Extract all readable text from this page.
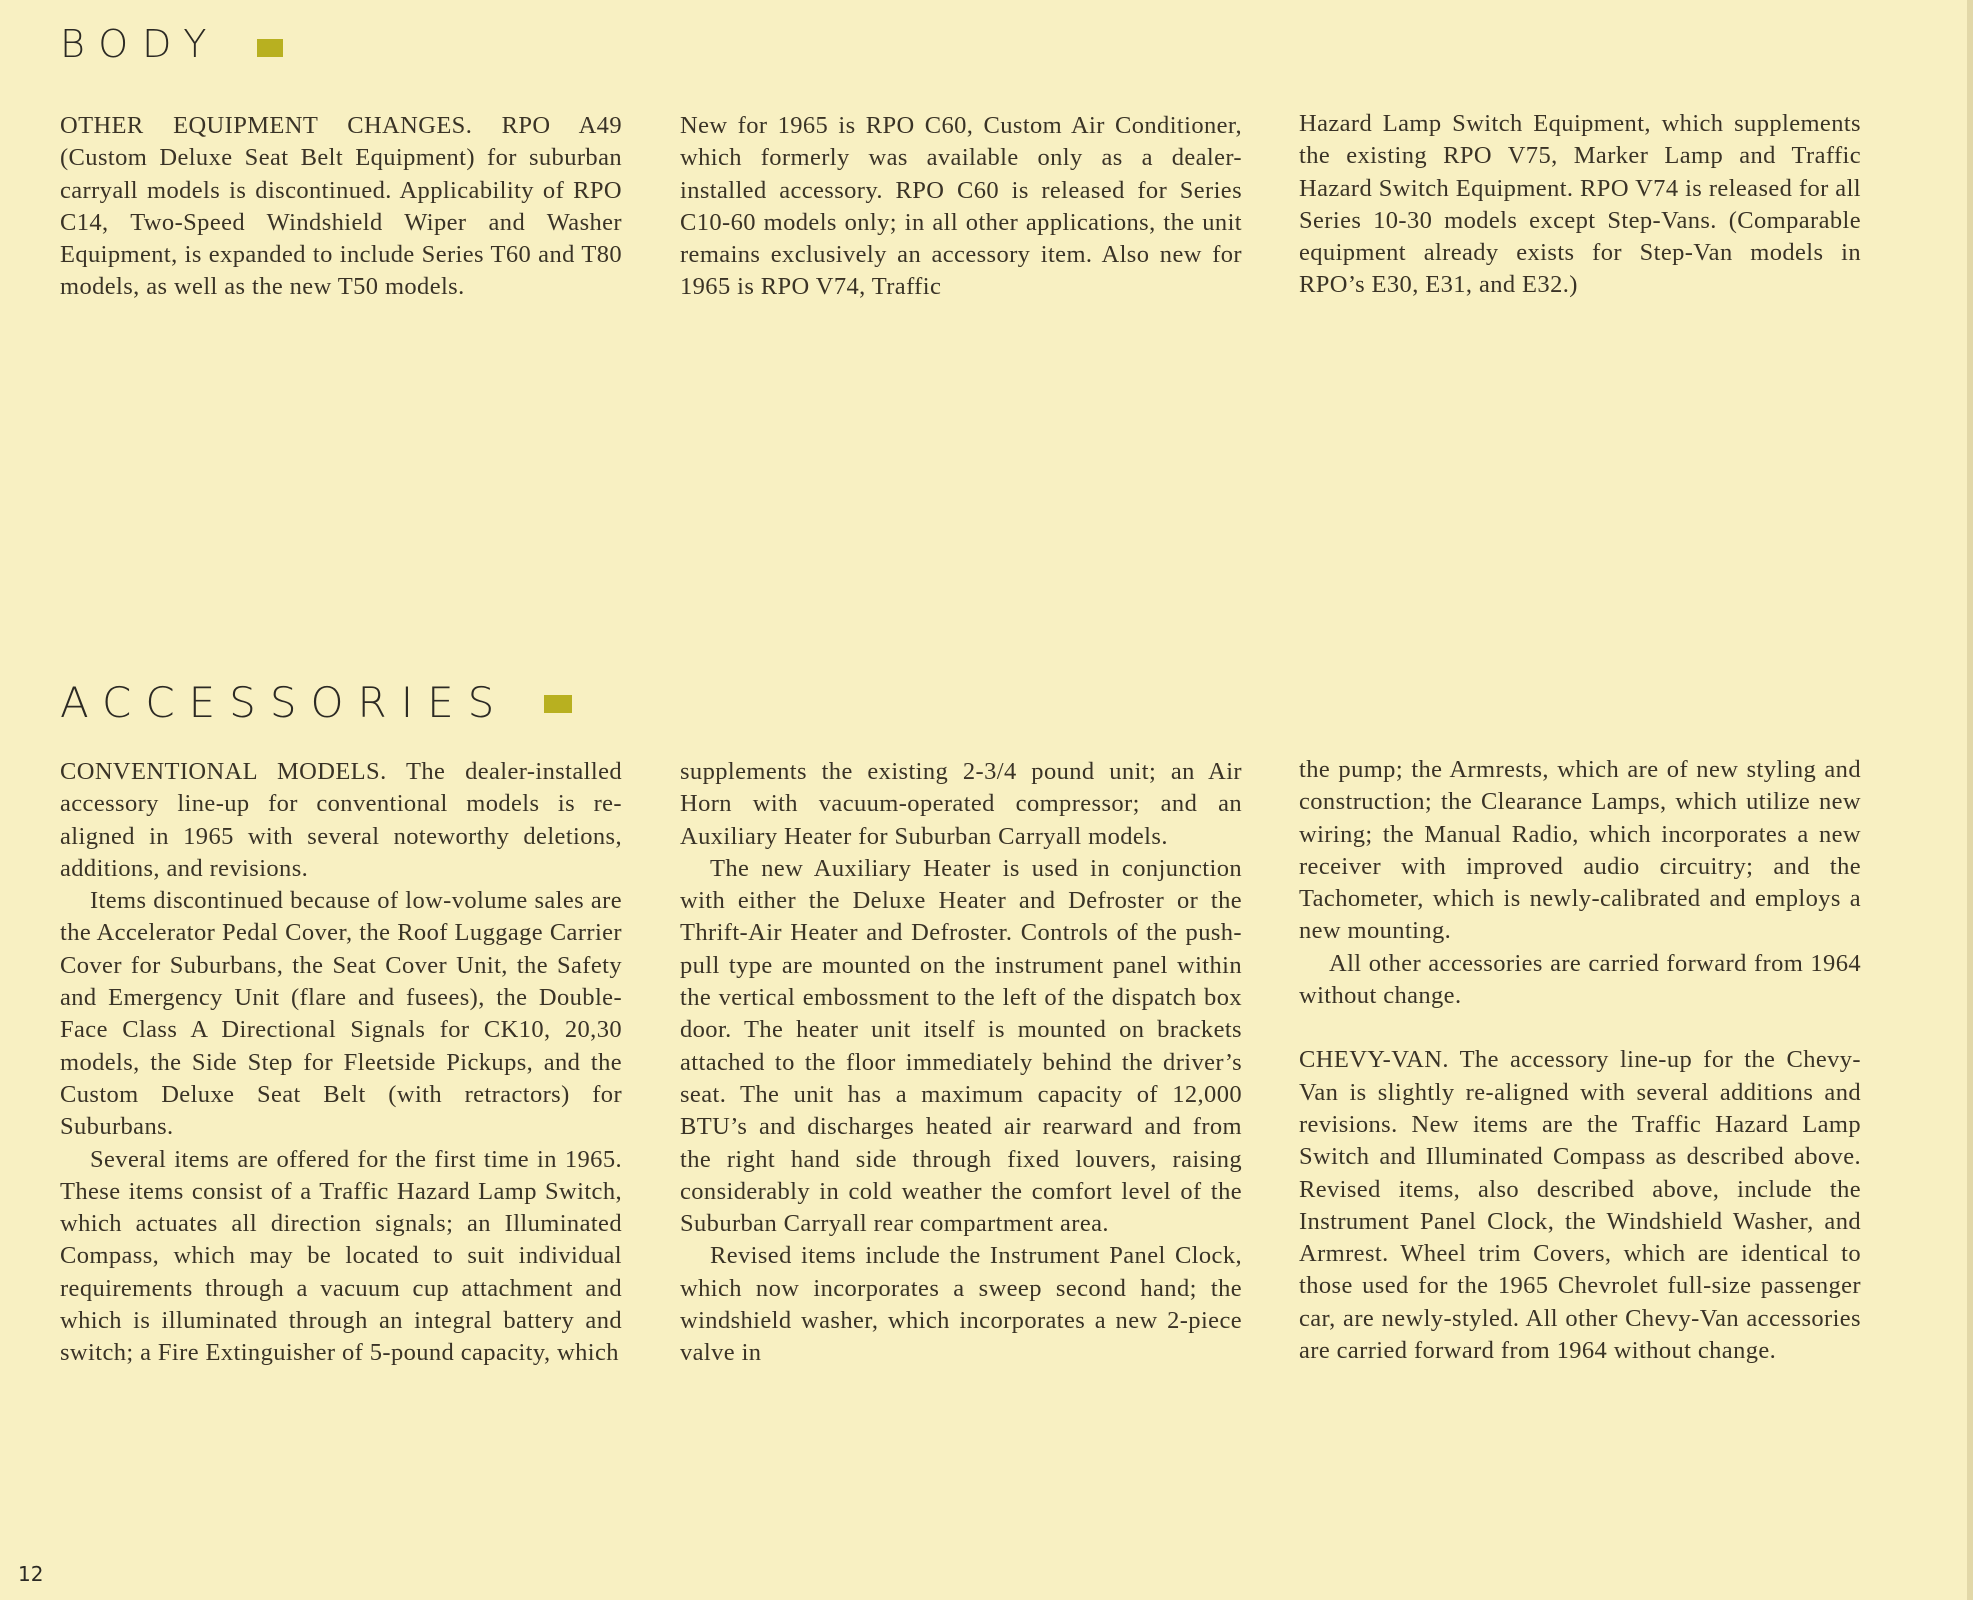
BODY

OTHER EQUIPMENT CHANGES. RPO A49 (Custom Deluxe Seat Belt Equipment) for suburban carryall models is discontinued. Applicability of RPO C14, Two-Speed Windshield Wiper and Washer Equipment, is expanded to include Series T60 and T80 models, as well as the new T50 models.

New for 1965 is RPO C60, Custom Air Conditioner, which formerly was available only as a dealer-installed accessory. RPO C60 is released for Series C10-60 models only; in all other applications, the unit remains exclusively an accessory item. Also new for 1965 is RPO V74, Traffic

Hazard Lamp Switch Equipment, which supplements the existing RPO V75, Marker Lamp and Traffic Hazard Switch Equipment. RPO V74 is released for all Series 10-30 models except Step-Vans. (Comparable equipment already exists for Step-Van models in RPO’s E30, E31, and E32.)

ACCESSORIES

CONVENTIONAL MODELS. The dealer-installed accessory line-up for conventional models is re-aligned in 1965 with several noteworthy deletions, additions, and revisions.

Items discontinued because of low-volume sales are the Accelerator Pedal Cover, the Roof Luggage Carrier Cover for Suburbans, the Seat Cover Unit, the Safety and Emergency Unit (flare and fusees), the Double-Face Class A Directional Signals for CK10, 20,30 models, the Side Step for Fleetside Pickups, and the Custom Deluxe Seat Belt (with retractors) for Suburbans.

Several items are offered for the first time in 1965. These items consist of a Traffic Hazard Lamp Switch, which actuates all direction signals; an Illuminated Compass, which may be located to suit individual requirements through a vacuum cup attachment and which is illuminated through an integral battery and switch; a Fire Extinguisher of 5-pound capacity, which

supplements the existing 2-3/4 pound unit; an Air Horn with vacuum-operated compressor; and an Auxiliary Heater for Suburban Carryall models.

The new Auxiliary Heater is used in conjunction with either the Deluxe Heater and Defroster or the Thrift-Air Heater and Defroster. Controls of the push-pull type are mounted on the instrument panel within the vertical embossment to the left of the dispatch box door. The heater unit itself is mounted on brackets attached to the floor immediately behind the driver’s seat. The unit has a maximum capacity of 12,000 BTU’s and discharges heated air rearward and from the right hand side through fixed louvers, raising considerably in cold weather the comfort level of the Suburban Carryall rear compartment area.

Revised items include the Instrument Panel Clock, which now incorporates a sweep second hand; the windshield washer, which incorporates a new 2-piece valve in

the pump; the Armrests, which are of new styling and construction; the Clearance Lamps, which utilize new wiring; the Manual Radio, which incorporates a new receiver with improved audio circuitry; and the Tachometer, which is newly-calibrated and employs a new mounting.

All other accessories are carried forward from 1964 without change.

CHEVY-VAN. The accessory line-up for the Chevy-Van is slightly re-aligned with several additions and revisions. New items are the Traffic Hazard Lamp Switch and Illuminated Compass as described above. Revised items, also described above, include the Instrument Panel Clock, the Windshield Washer, and Armrest. Wheel trim Covers, which are identical to those used for the 1965 Chevrolet full-size passenger car, are newly-styled. All other Chevy-Van accessories are carried forward from 1964 without change.

12
